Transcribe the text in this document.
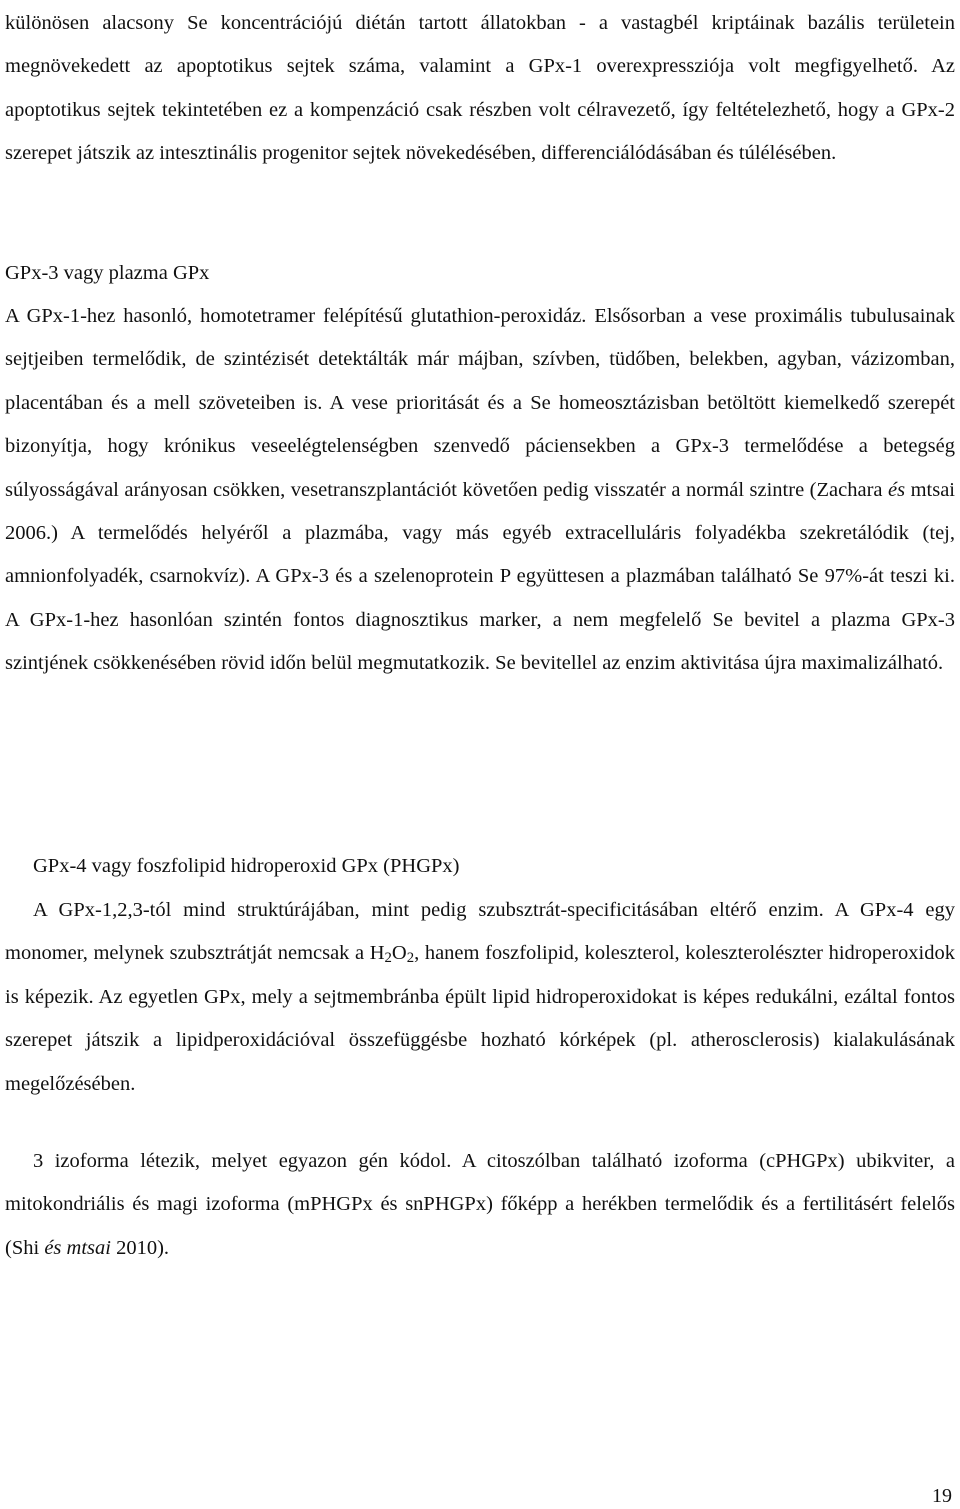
különösen alacsony Se koncentrációjú diétán tartott állatokban - a vastagbél kriptáinak bazális területein megnövekedett az apoptotikus sejtek száma, valamint a GPx-1 overexpressziója volt megfigyelhető. Az apoptotikus sejtek tekintetében ez a kompenzáció csak részben volt célravezető, így feltételezhető, hogy a GPx-2 szerepet játszik az intesztinális progenitor sejtek növekedésében, differenciálódásában és túlélésében.

GPx-3 vagy plazma GPx

A GPx-1-hez hasonló, homotetramer felépítésű glutathion-peroxidáz. Elsősorban a vese proximális tubulusainak sejtjeiben termelődik, de szintézisét detektálták már májban, szívben, tüdőben, belekben, agyban, vázizomban, placentában és a mell szöveteiben is. A vese prioritását és a Se homeosztázisban betöltött kiemelkedő szerepét bizonyítja, hogy krónikus veseelégtelenségben szenvedő páciensekben a GPx-3 termelődése a betegség súlyosságával arányosan csökken, vesetranszplantációt követően pedig visszatér a normál szintre (Zachara és mtsai 2006.) A termelődés helyéről a plazmába, vagy más egyéb extracelluláris folyadékba szekretálódik (tej, amnionfolyadék, csarnokvíz). A GPx-3 és a szelenoprotein P együttesen a plazmában található Se 97%-át teszi ki. A GPx-1-hez hasonlóan szintén fontos diagnosztikus marker, a nem megfelelő Se bevitel a plazma GPx-3 szintjének csökkenésében rövid időn belül megmutatkozik. Se bevitellel az enzim aktivitása újra maximalizálható.

GPx-4 vagy foszfolipid hidroperoxid GPx (PHGPx)

A GPx-1,2,3-tól mind struktúrájában, mint pedig szubsztrát-specificitásában eltérő enzim. A GPx-4 egy monomer, melynek szubsztrátját nemcsak a $H_2O_2$, hanem foszfolipid, koleszterol, koleszterolészter hidroperoxidok is képezik. Az egyetlen GPx, mely a sejtmembránba épült lipid hidroperoxidokat is képes redukálni, ezáltal fontos szerepet játszik a lipidperoxidációval összefüggésbe hozható kórképek (pl. atherosclerosis) kialakulásának megelőzésében.

3 izoforma létezik, melyet egyazon gén kódol. A citoszólban található izoforma (cPHGPx) ubikviter, a mitokondriális és magi izoforma (mPHGPx és snPHGPx) főképp a herékben termelődik és a fertilitásért felelős (Shi és mtsai 2010).

19
